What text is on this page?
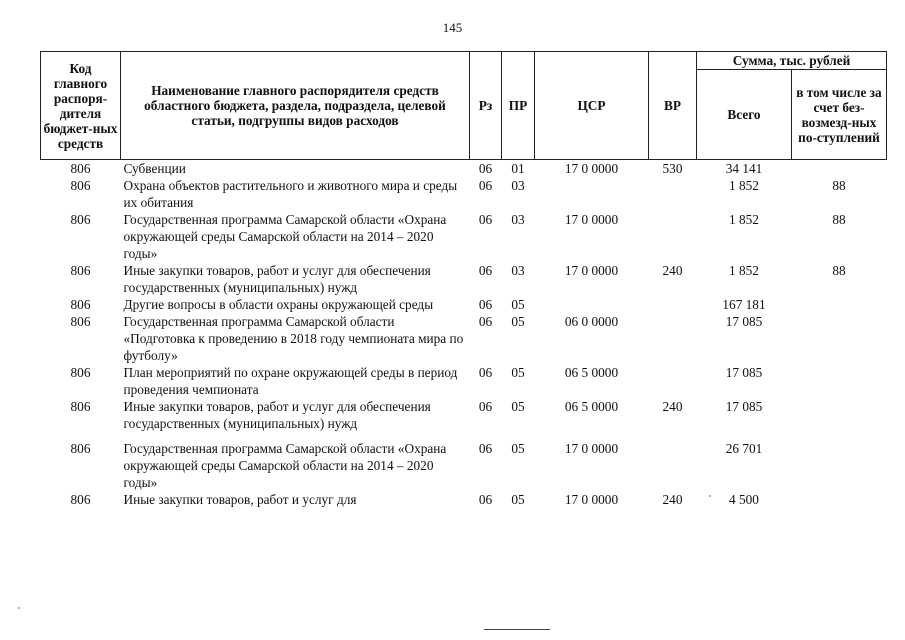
145
Код главного распоря-дителя бюджет-ных средств	Наименование главного распорядителя средств областного бюджета, раздела, подраздела, целевой статьи, подгруппы видов расходов	Рз	ПР	ЦСР	ВР	Сумма, тыс. рублей	
						Всего	в том числе за счет без-возмезд-ных по-ступлений
806	Субвенции	06	01	17 0 0000	530	34 141	
806	Охрана объектов растительного и животного мира и среды их обитания	06	03			1 852	88
806	Государственная программа Самарской области «Охрана окружающей среды Самарской области на 2014 – 2020 годы»	06	03	17 0 0000		1 852	88
806	Иные закупки товаров, работ и услуг для обеспечения государственных (муниципальных) нужд	06	03	17 0 0000	240	1 852	88
806	Другие вопросы в области охраны окружающей среды	06	05			167 181	
806	Государственная программа Самарской области «Подготовка к проведению в 2018 году чемпионата мира по футболу»	06	05	06 0 0000		17 085	
806	План мероприятий по охране окружающей среды в период проведения чемпионата	06	05	06 5 0000		17 085	
806	Иные закупки товаров, работ и услуг для обеспечения государственных (муниципальных) нужд	06	05	06 5 0000	240	17 085	
806	Государственная программа Самарской области «Охрана окружающей среды Самарской области на 2014 – 2020 годы»	06	05	17 0 0000		26 701	
806	Иные закупки товаров, работ и услуг для	06	05	17 0 0000	240	4 500	
